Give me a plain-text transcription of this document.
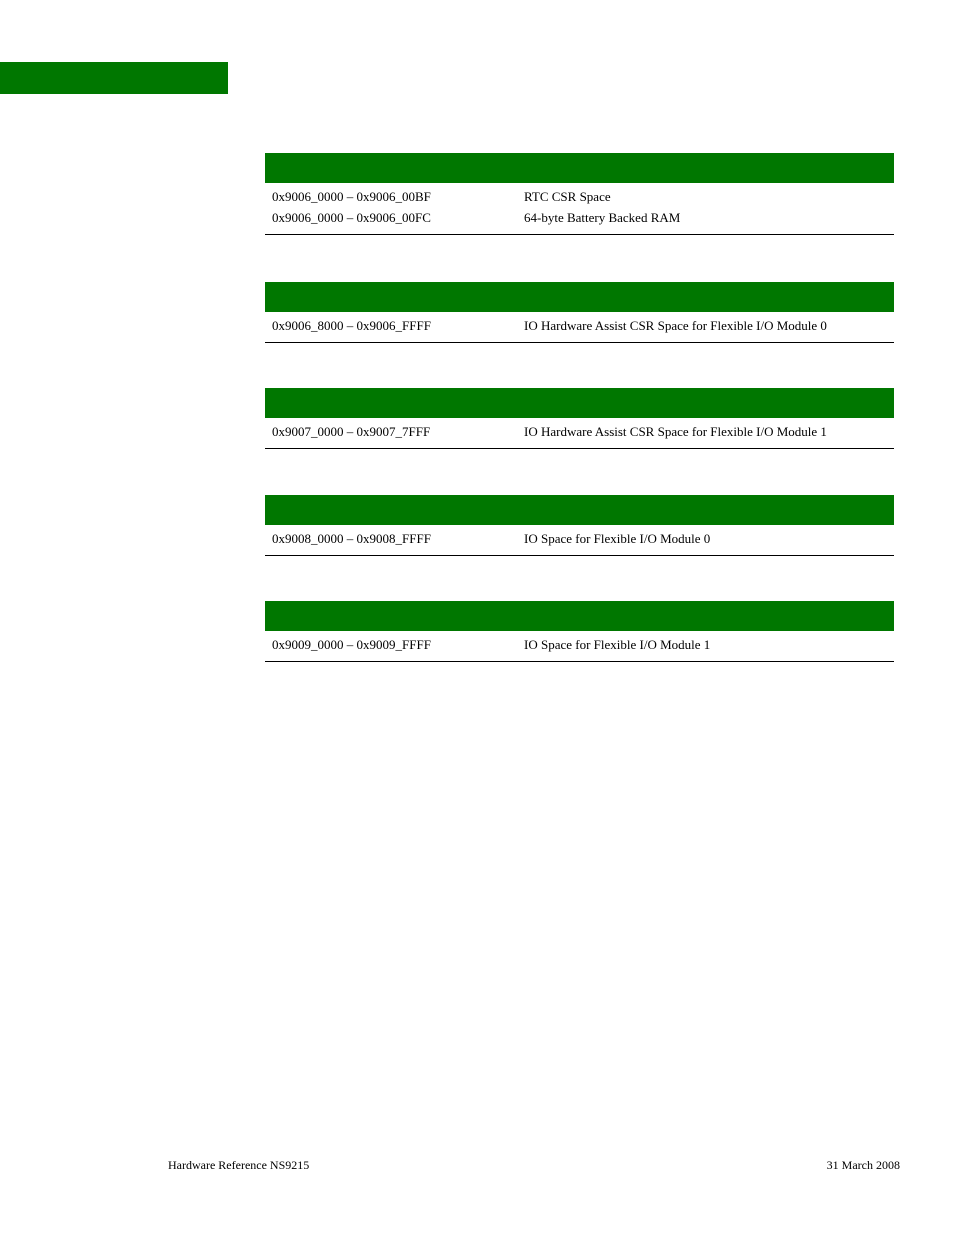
0x9006_0000 – 0x9006_00BF	RTC CSR Space
0x9006_0000 – 0x9006_00FC	64-byte Battery Backed RAM
0x9006_8000 – 0x9006_FFFF	IO Hardware Assist CSR Space for Flexible I/O Module 0
0x9007_0000 – 0x9007_7FFF	IO Hardware Assist CSR Space for Flexible I/O Module 1
0x9008_0000 – 0x9008_FFFF	IO Space for Flexible I/O Module 0
0x9009_0000 – 0x9009_FFFF	IO Space for Flexible I/O Module 1
Hardware Reference NS9215	31 March 2008
